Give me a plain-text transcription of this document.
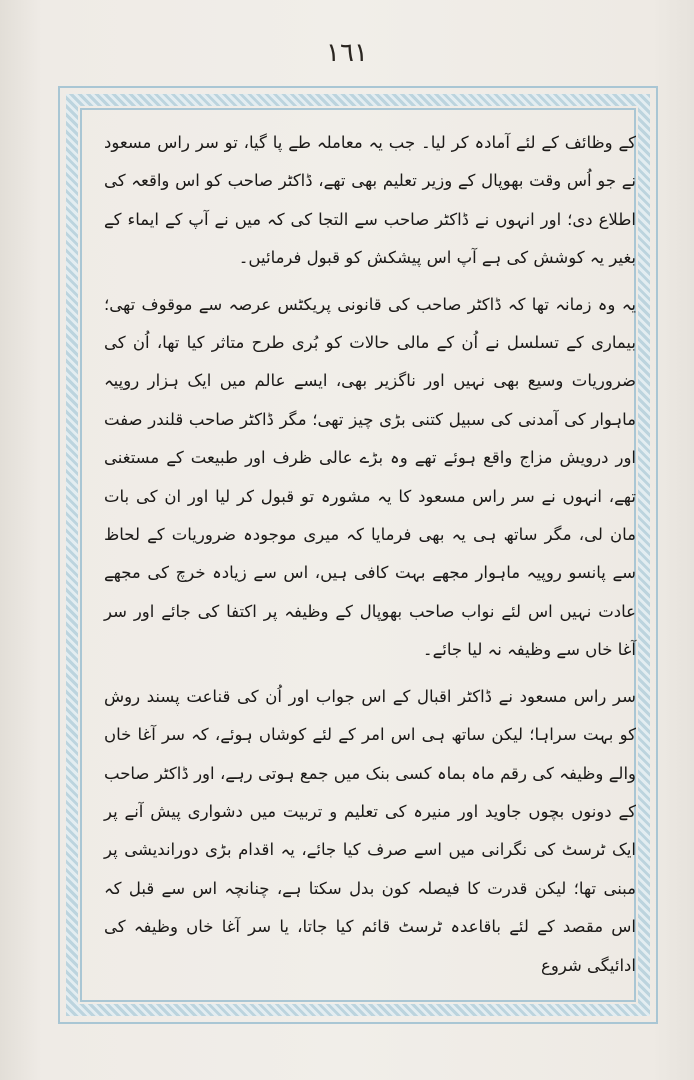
١٦١

کے وظائف کے لئے آمادہ کر لیا۔ جب یہ معاملہ طے پا گیا، تو سر راس مسعود نے جو اُس وقت بھوپال کے وزیر تعلیم بھی تھے، ڈاکٹر صاحب کو اس واقعہ کی اطلاع دی؛ اور انہوں نے ڈاکٹر صاحب سے التجا کی کہ میں نے آپ کے ایماء کے بغیر یہ کوشش کی ہے آپ اس پیشکش کو قبول فرمائیں۔

یہ وہ زمانہ تھا کہ ڈاکٹر صاحب کی قانونی پریکٹس عرصہ سے موقوف تھی؛ بیماری کے تسلسل نے اُن کے مالی حالات کو بُری طرح متاثر کیا تھا، اُن کی ضروریات وسیع بھی نہیں اور ناگزیر بھی، ایسے عالم میں ایک ہزار روپیہ ماہوار کی آمدنی کی سبیل کتنی بڑی چیز تھی؛ مگر ڈاکٹر صاحب قلندر صفت اور درویش مزاج واقع ہوئے تھے وہ بڑے عالی ظرف اور طبیعت کے مستغنی تھے، انہوں نے سر راس مسعود کا یہ مشورہ تو قبول کر لیا اور ان کی بات مان لی، مگر ساتھ ہی یہ بھی فرمایا کہ میری موجودہ ضروریات کے لحاظ سے پانسو روپیہ ماہوار مجھے بہت کافی ہیں، اس سے زیادہ خرچ کی مجھے عادت نہیں اس لئے نواب صاحب بھوپال کے وظیفہ پر اکتفا کی جائے اور سر آغا خاں سے وظیفہ نہ لیا جائے۔

سر راس مسعود نے ڈاکٹر اقبال کے اس جواب اور اُن کی قناعت پسند روش کو بہت سراہا؛ لیکن ساتھ ہی اس امر کے لئے کوشاں ہوئے، کہ سر آغا خاں والے وظیفہ کی رقم ماہ بماہ کسی بنک میں جمع ہوتی رہے، اور ڈاکٹر صاحب کے دونوں بچوں جاوید اور منیرہ کی تعلیم و تربیت میں دشواری پیش آنے پر ایک ٹرسٹ کی نگرانی میں اسے صرف کیا جائے، یہ اقدام بڑی دوراندیشی پر مبنی تھا؛ لیکن قدرت کا فیصلہ کون بدل سکتا ہے، چنانچہ اس سے قبل کہ اس مقصد کے لئے باقاعدہ ٹرسٹ قائم کیا جاتا، یا سر آغا خاں وظیفہ کی ادائیگی شروع
